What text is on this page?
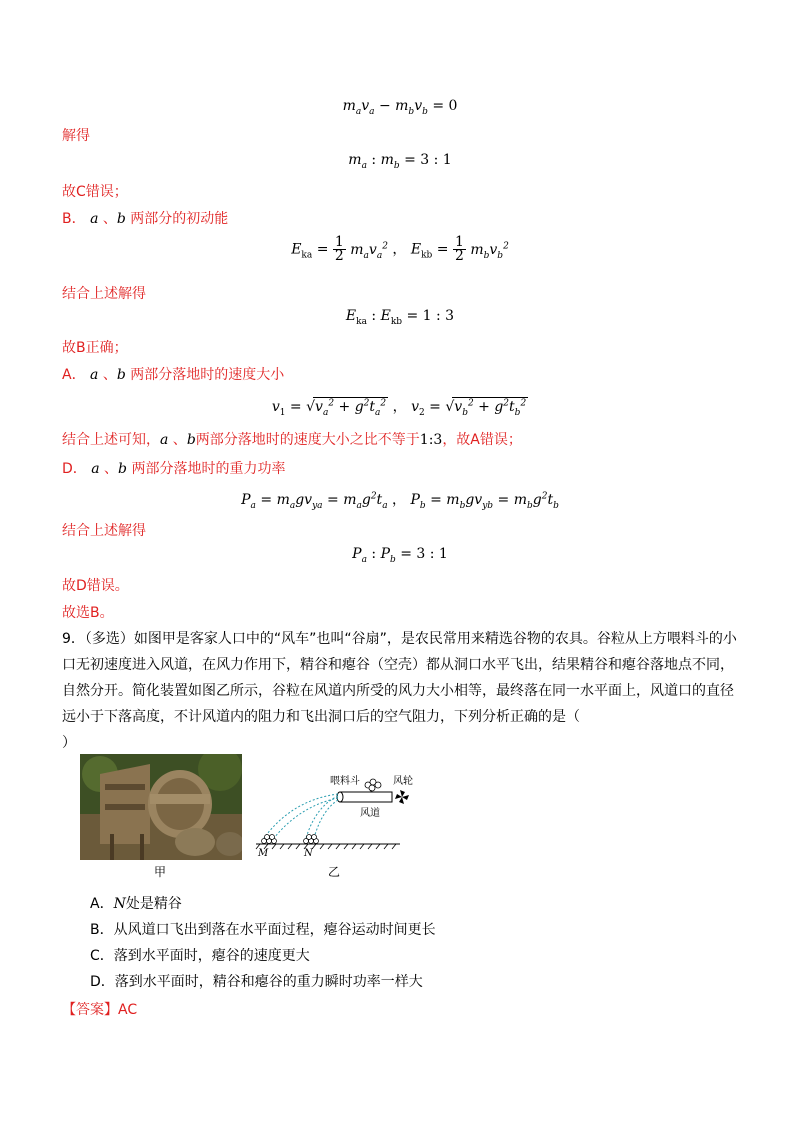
$m_av_a - m_bv_b = 0$
解得
$m_a$ : $m_b = 3$ : 1
故C错误；
B． a 、b 两部分的初动能
$E_{ka} = \frac{1}{2} m_av_a^2$ ， $E_{kb} = \frac{1}{2} m_bv_b^2$
结合上述解得
$E_{ka}$ : $E_{kb} = 1$ : 3
故B正确；
A． a 、b 两部分落地时的速度大小
$v_1 = √v_a^2 + g^2t_a^2$ ， $v_2 = √v_b^2 + g^2t_b^2$
结合上述可知，a 、b两部分落地时的速度大小之比不等于1:3，故A错误；
D． a 、b 两部分落地时的重力功率
$P_a = m_agv_{ya} = m_ag^2t_a$ ， $P_b = m_bgv_{yb} = m_bg^2t_b$
结合上述解得
$P_a$ : $P_b = 3$ : 1
故D错误。
故选B。
9．（多选）如图甲是客家人口中的“风车”也叫“谷扇”，是农民常用来精选谷物的农具。谷粒从上方喂料斗的小口无初速度进入风道，在风力作用下，精谷和瘪谷（空壳）都从洞口水平飞出，结果精谷和瘪谷落地点不同，自然分开。简化装置如图乙所示，谷粒在风道内所受的风力大小相等，最终落在同一水平面上，风道口的直径远小于下落高度，不计风道内的阻力和飞出洞口后的空气阻力，下列分析正确的是（
）
甲
喂料斗	风轮
风道
M	N
乙
A．N处是精谷
B．从风道口飞出到落在水平面过程，瘪谷运动时间更长
C．落到水平面时，瘪谷的速度更大
D．落到水平面时，精谷和瘪谷的重力瞬时功率一样大
【答案】AC
